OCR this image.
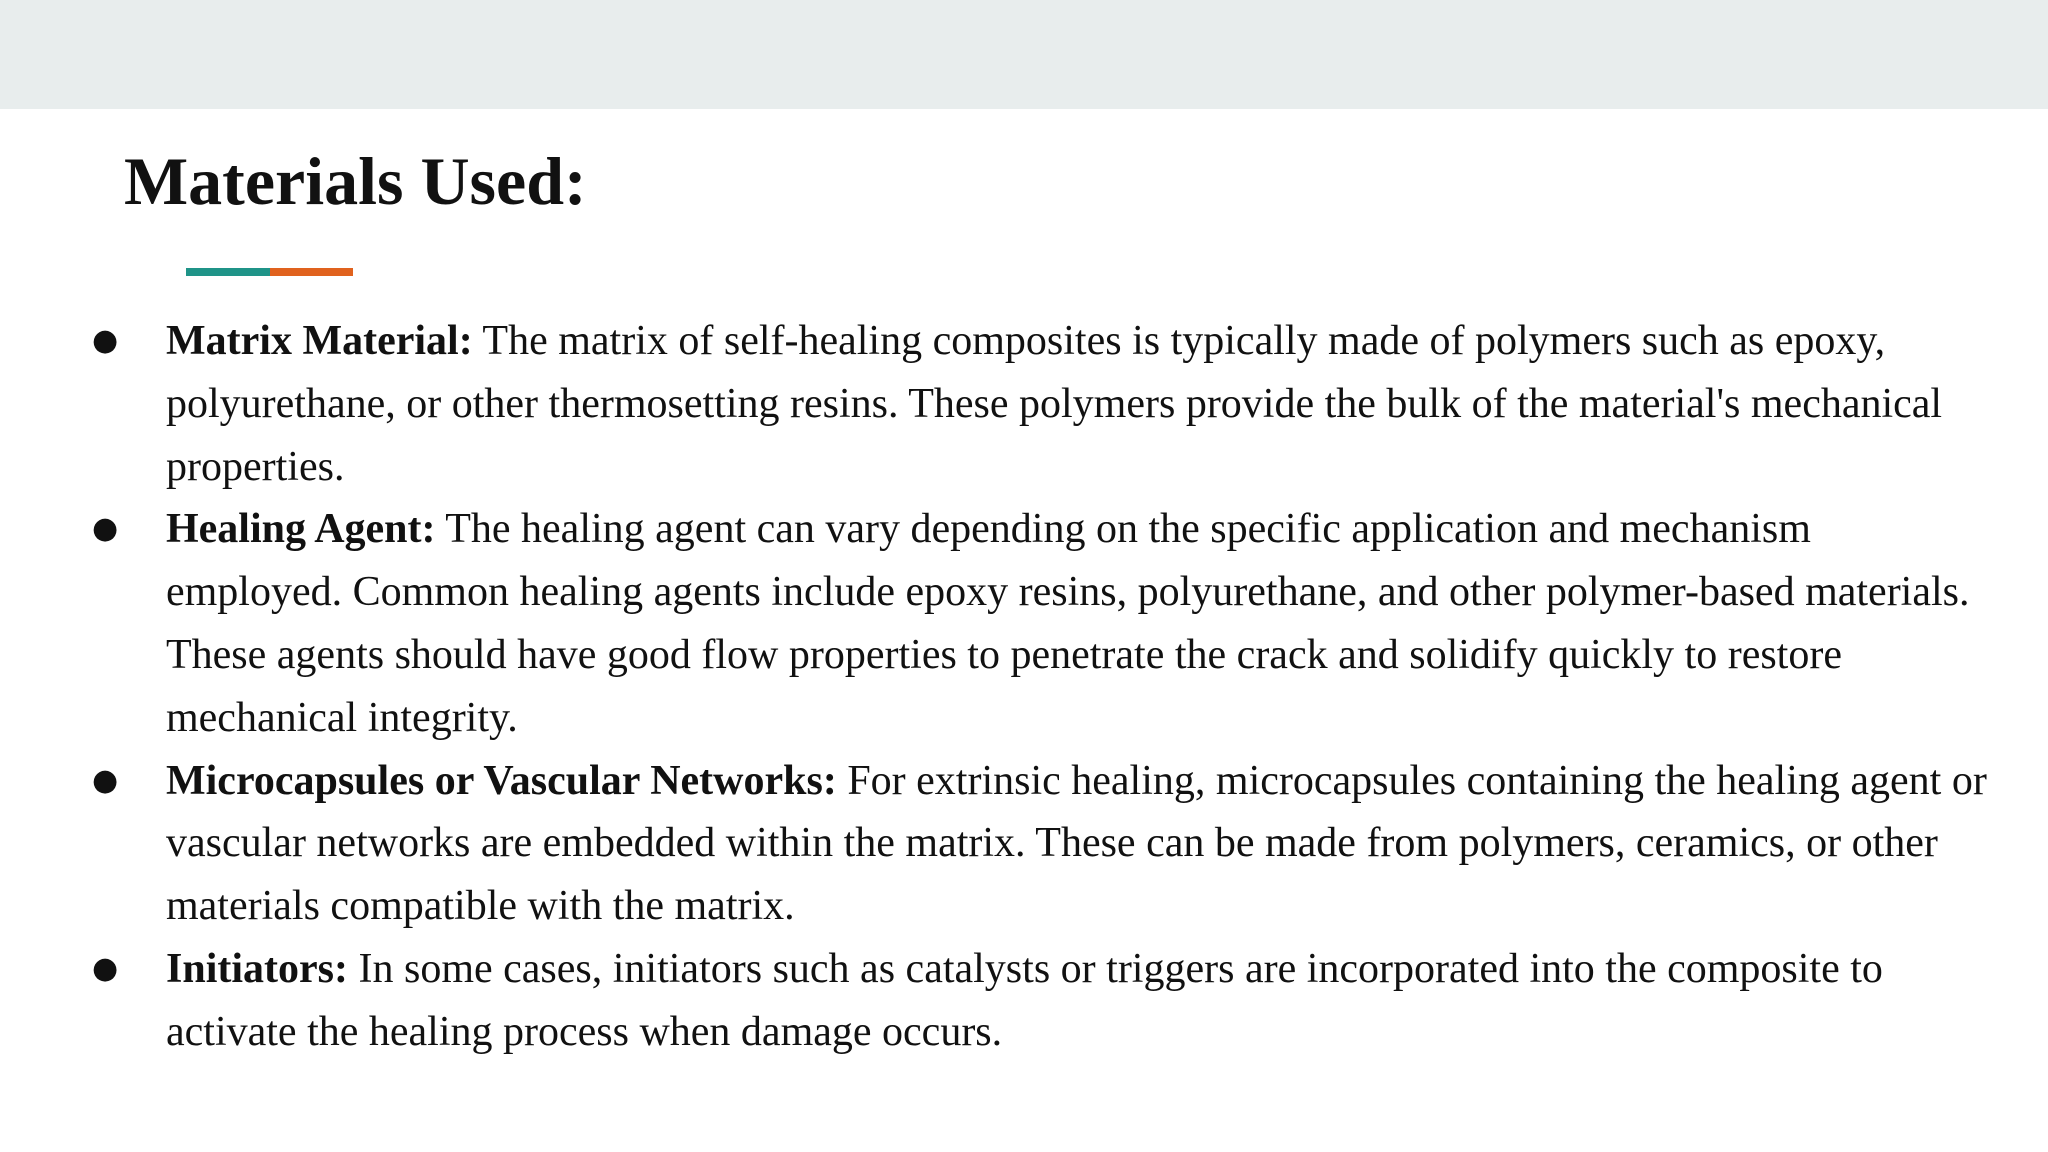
Materials Used:
● Matrix Material: The matrix of self-healing composites is typically made of polymers such as epoxy, polyurethane, or other thermosetting resins. These polymers provide the bulk of the material's mechanical properties.
● Healing Agent: The healing agent can vary depending on the specific application and mechanism employed. Common healing agents include epoxy resins, polyurethane, and other polymer-based materials. These agents should have good flow properties to penetrate the crack and solidify quickly to restore mechanical integrity.
● Microcapsules or Vascular Networks: For extrinsic healing, microcapsules containing the healing agent or vascular networks are embedded within the matrix. These can be made from polymers, ceramics, or other materials compatible with the matrix.
● Initiators: In some cases, initiators such as catalysts or triggers are incorporated into the composite to activate the healing process when damage occurs.
